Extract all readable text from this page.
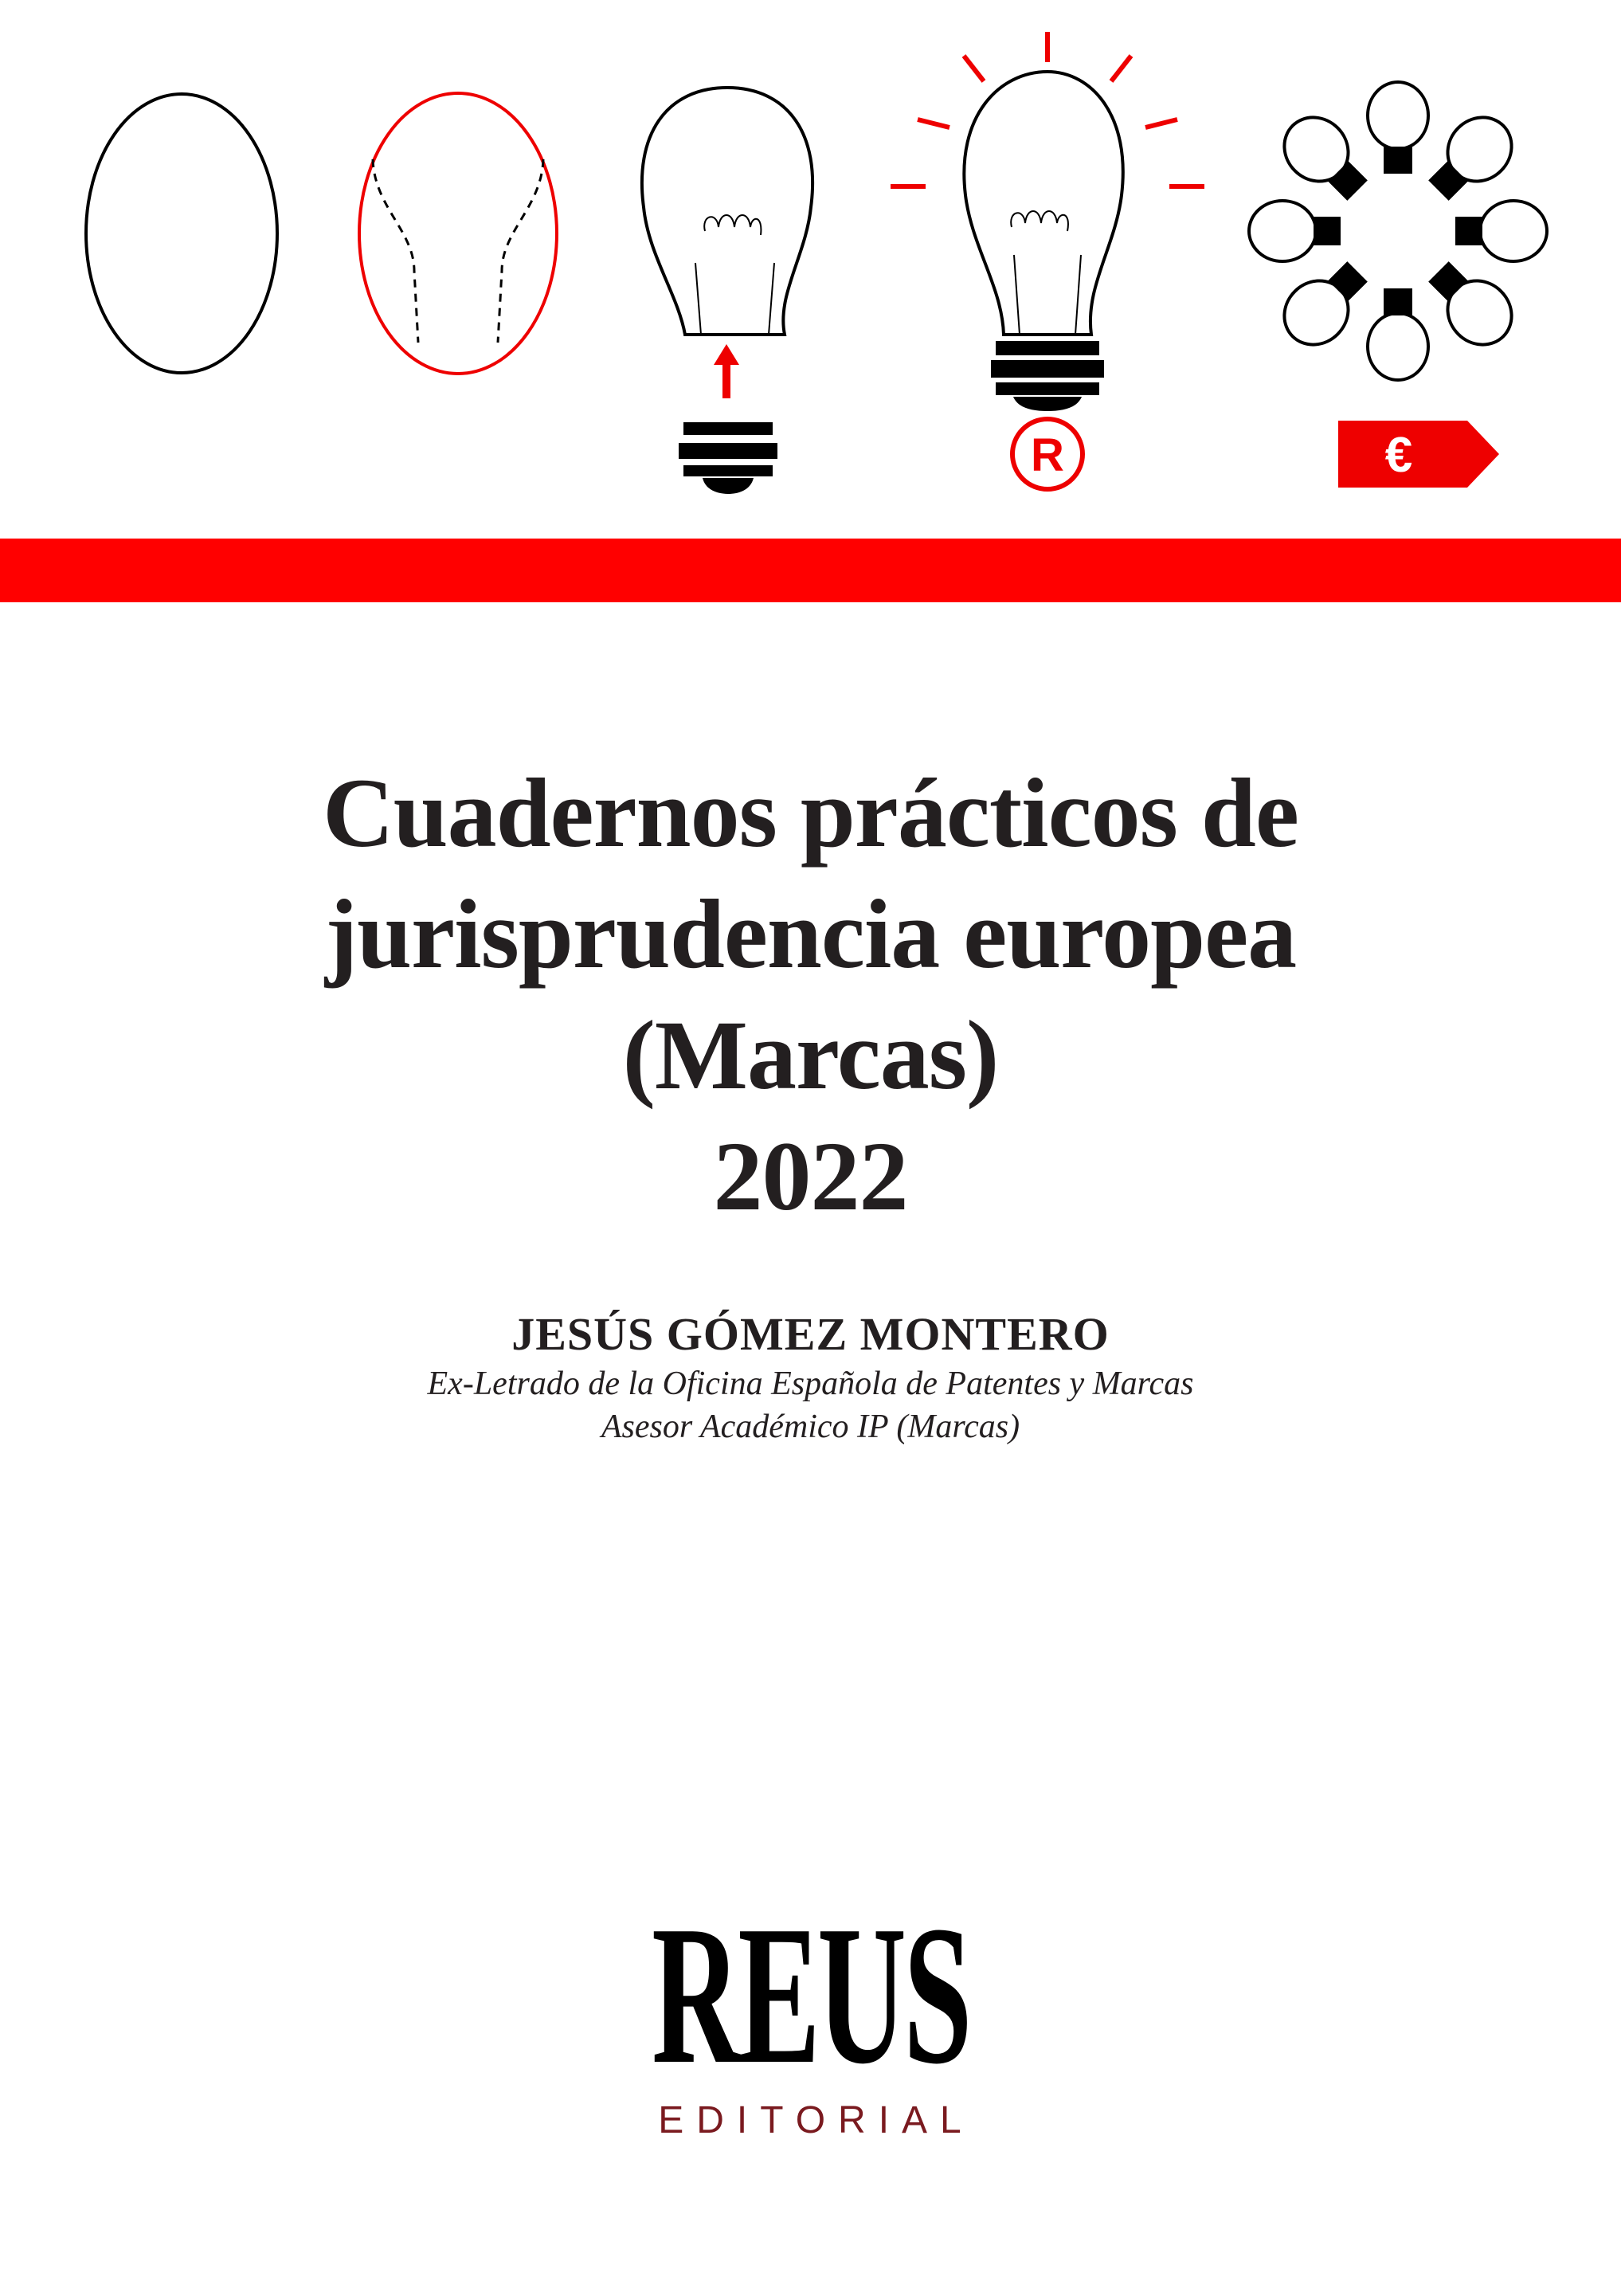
R	€
Cuadernos prácticos de
jurisprudencia europea
(Marcas)
2022
JESÚS GÓMEZ MONTERO
Ex-Letrado de la Oficina Española de Patentes y Marcas
Asesor Académico IP (Marcas)
REUS
EDITORIAL
